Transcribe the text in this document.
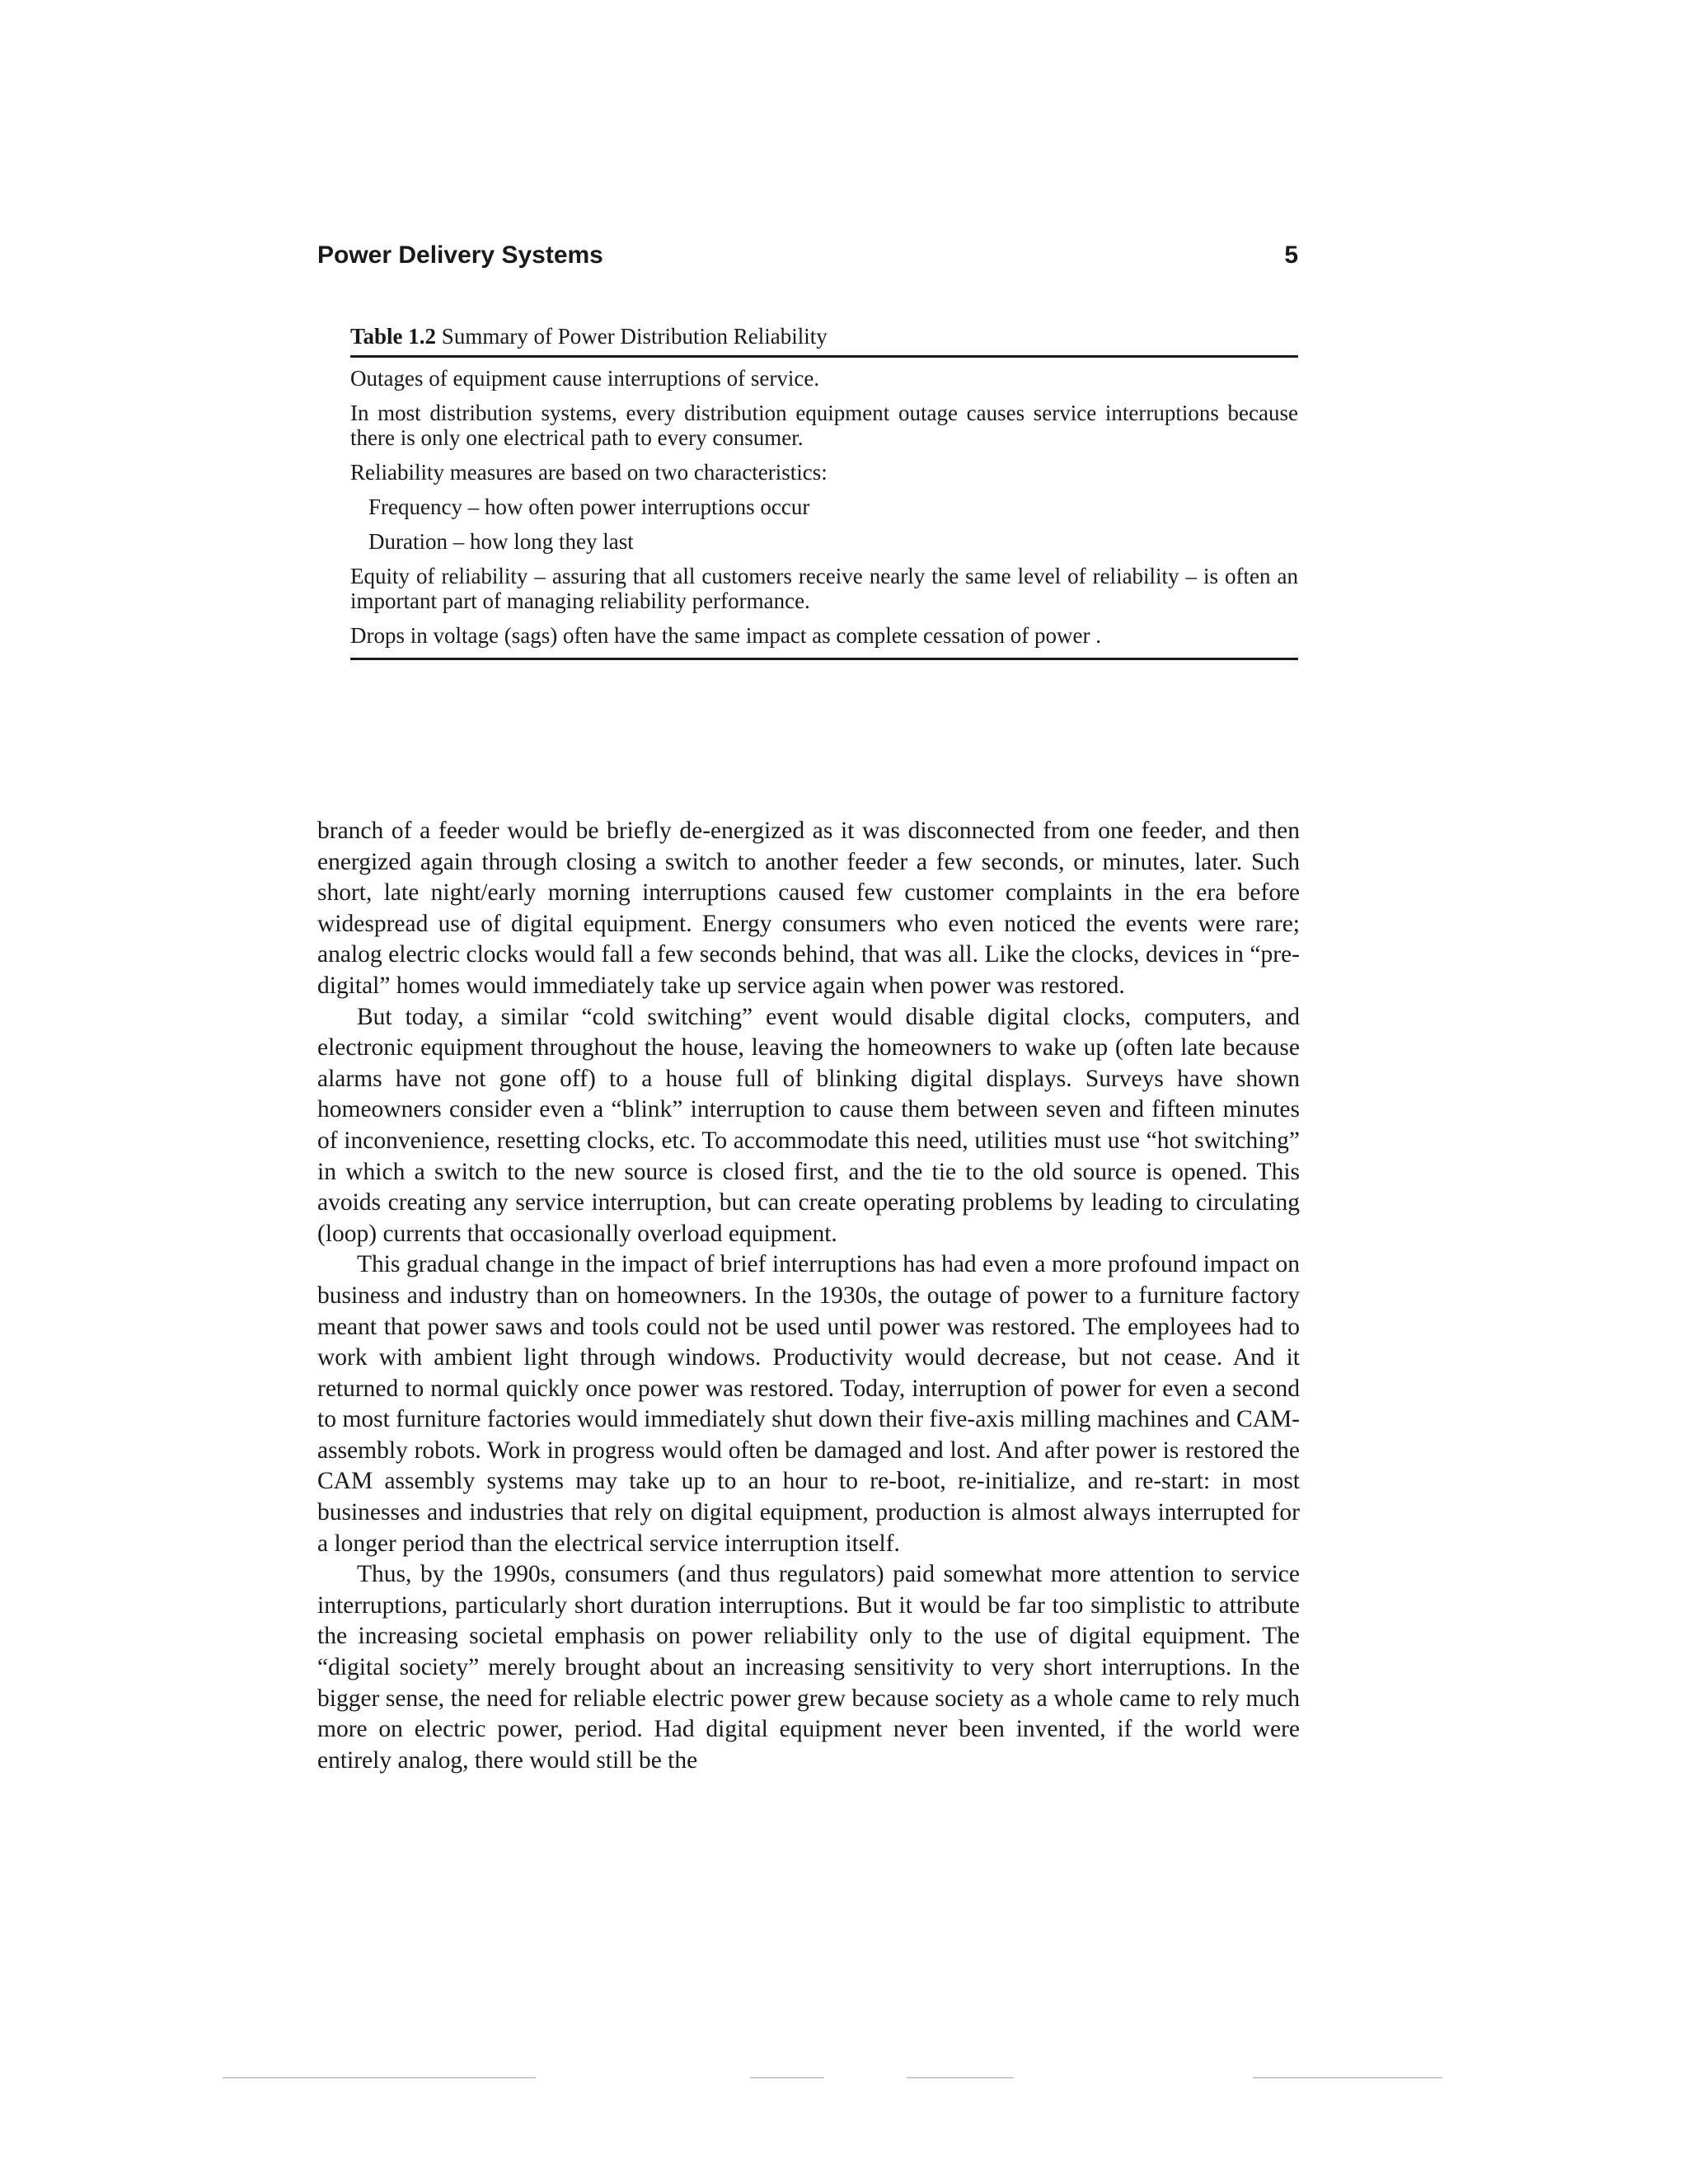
Power Delivery Systems	5
Table 1.2 Summary of Power Distribution Reliability
Outages of equipment cause interruptions of service.
In most distribution systems, every distribution equipment outage causes service interruptions because there is only one electrical path to every consumer.
Reliability measures are based on two characteristics:
Frequency – how often power interruptions occur
Duration – how long they last
Equity of reliability – assuring that all customers receive nearly the same level of reliability – is often an important part of managing reliability performance.
Drops in voltage (sags) often have the same impact as complete cessation of power .

branch of a feeder would be briefly de-energized as it was disconnected from one feeder, and then energized again through closing a switch to another feeder a few seconds, or minutes, later. Such short, late night/early morning interruptions caused few customer complaints in the era before widespread use of digital equipment. Energy consumers who even noticed the events were rare; analog electric clocks would fall a few seconds behind, that was all. Like the clocks, devices in “pre-digital” homes would immediately take up service again when power was restored.

But today, a similar “cold switching” event would disable digital clocks, computers, and electronic equipment throughout the house, leaving the homeowners to wake up (often late because alarms have not gone off) to a house full of blinking digital displays. Surveys have shown homeowners consider even a “blink” interruption to cause them between seven and fifteen minutes of inconvenience, resetting clocks, etc. To accommodate this need, utilities must use “hot switching” in which a switch to the new source is closed first, and the tie to the old source is opened. This avoids creating any service interruption, but can create operating problems by leading to circulating (loop) currents that occasionally overload equipment.

This gradual change in the impact of brief interruptions has had even a more profound impact on business and industry than on homeowners. In the 1930s, the outage of power to a furniture factory meant that power saws and tools could not be used until power was restored. The employees had to work with ambient light through windows. Productivity would decrease, but not cease. And it returned to normal quickly once power was restored. Today, interruption of power for even a second to most furniture factories would immediately shut down their five-axis milling machines and CAM-assembly robots. Work in progress would often be damaged and lost. And after power is restored the CAM assembly systems may take up to an hour to re-boot, re-initialize, and re-start: in most businesses and industries that rely on digital equipment, production is almost always interrupted for a longer period than the electrical service interruption itself.

Thus, by the 1990s, consumers (and thus regulators) paid somewhat more attention to service interruptions, particularly short duration interruptions. But it would be far too simplistic to attribute the increasing societal emphasis on power reliability only to the use of digital equipment. The “digital society” merely brought about an increasing sensitivity to very short interruptions. In the bigger sense, the need for reliable electric power grew because society as a whole came to rely much more on electric power, period. Had digital equipment never been invented, if the world were entirely analog, there would still be the
